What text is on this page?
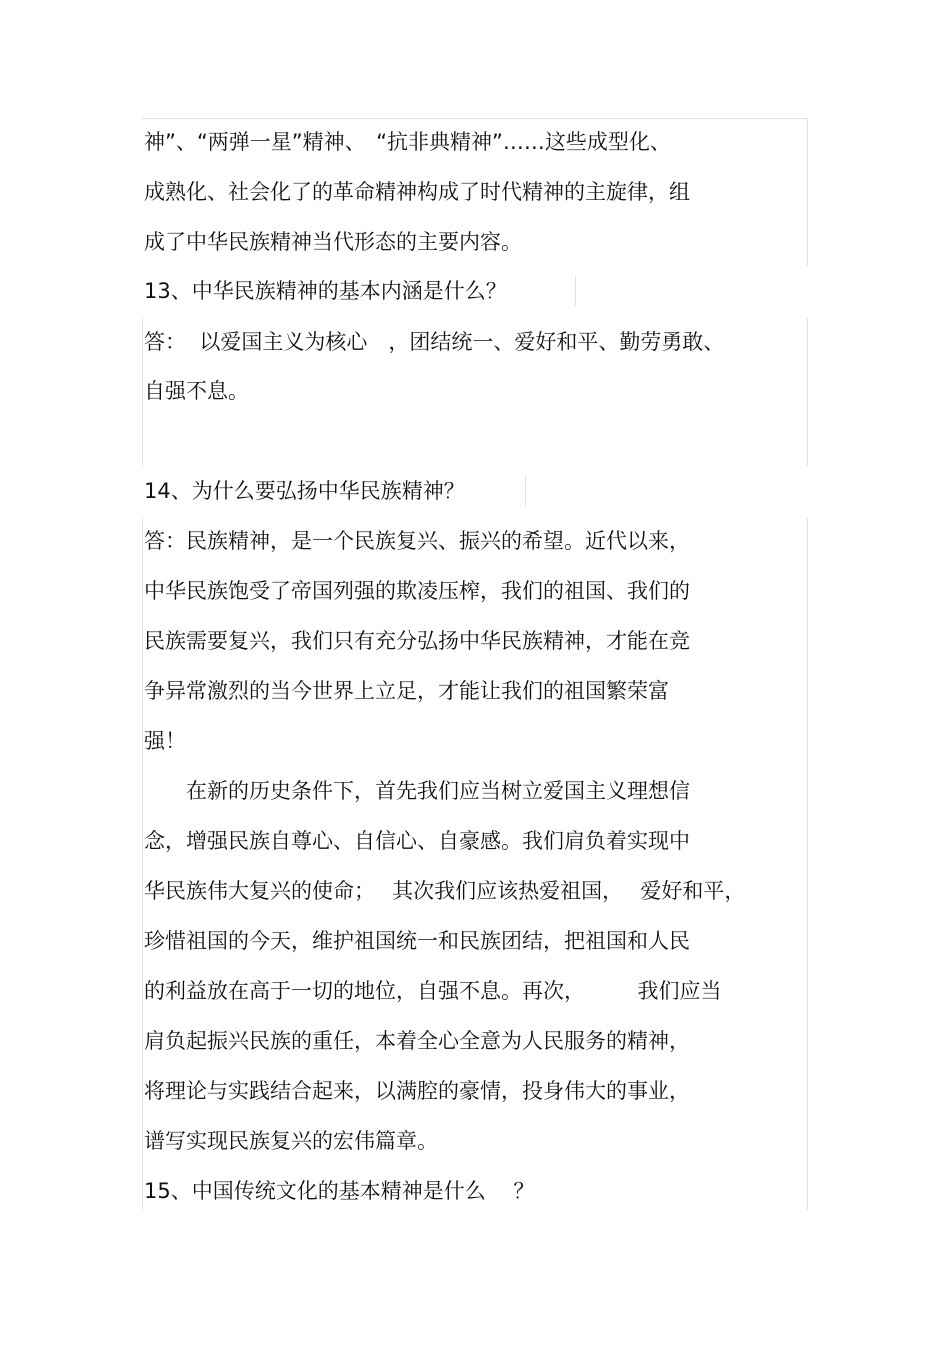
神”、“两弹一星”精神、　“抗非典精神”……这些成型化、
成熟化、社会化了的革命精神构成了时代精神的主旋律，组
成了中华民族精神当代形态的主要内容。
13、中华民族精神的基本内涵是什么？
答：  以爱国主义为核心　，团结统一、爱好和平、勤劳勇敢、
自强不息。
14、为什么要弘扬中华民族精神？
答：民族精神，是一个民族复兴、振兴的希望。近代以来，
中华民族饱受了帝国列强的欺凌压榨，我们的祖国、我们的
民族需要复兴，我们只有充分弘扬中华民族精神，才能在竞
争异常激烈的当今世界上立足，才能让我们的祖国繁荣富
强！
　　在新的历史条件下，首先我们应当树立爱国主义理想信
念，增强民族自尊心、自信心、自豪感。我们肩负着实现中
华民族伟大复兴的使命；　 其次我们应该热爱祖国，　 爱好和平，
珍惜祖国的今天，维护祖国统一和民族团结，把祖国和人民
的利益放在高于一切的地位，自强不息。再次，　　　我们应当
肩负起振兴民族的重任，本着全心全意为人民服务的精神，
将理论与实践结合起来，以满腔的豪情，投身伟大的事业，
谱写实现民族复兴的宏伟篇章。
15、中国传统文化的基本精神是什么　 ？
